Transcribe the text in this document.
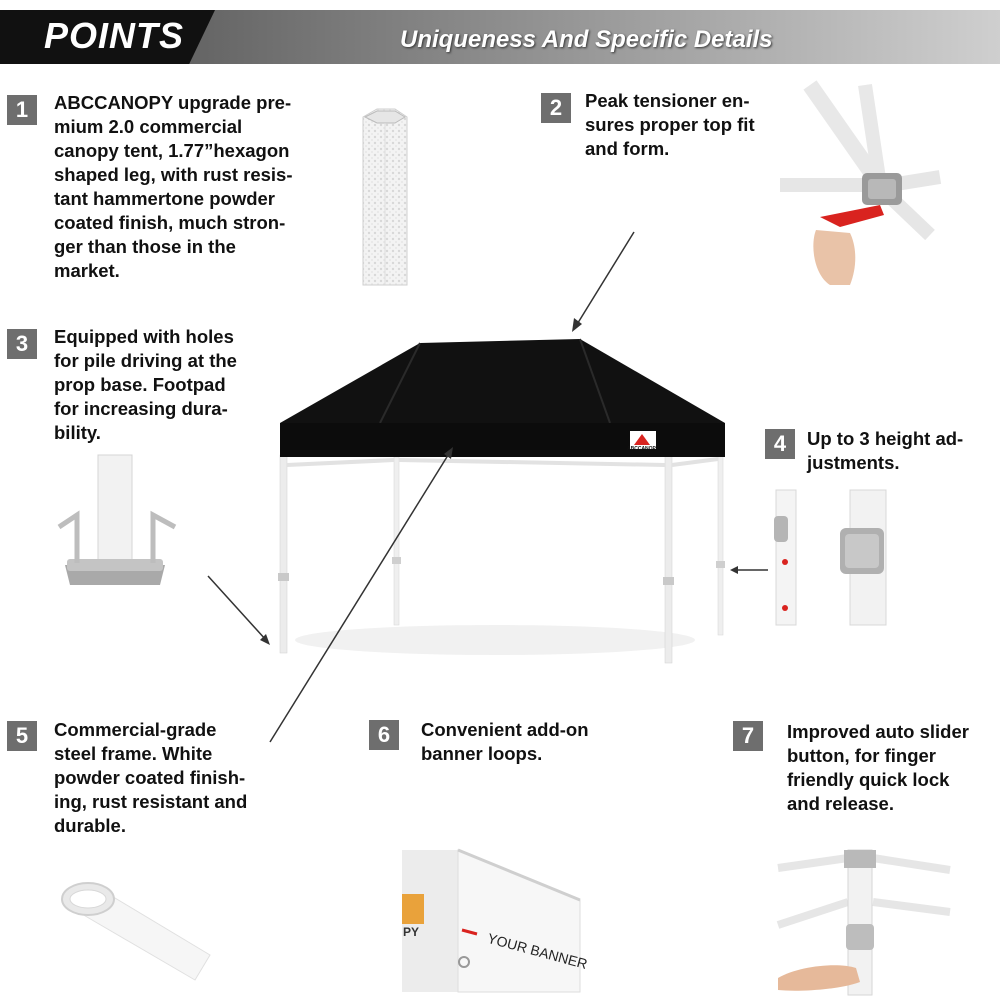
POINTS	Uniqueness And Specific Details
1	ABCCANOPY upgrade pre-
mium 2.0 commercial
canopy tent, 1.77”hexagon
shaped leg, with rust resis-
tant hammertone powder
coated finish, much stron-
ger than those in the
market.
2	Peak tensioner en-
sures proper top fit
and form.
3	Equipped with holes
for pile driving at the
prop base. Footpad
for increasing dura-
bility.	4	Up to 3 height ad-
justments.
ABCCANOPY
5	Commercial-grade
steel frame. White
powder coated finish-
ing, rust resistant and
durable.
6	Convenient add-on
banner loops.
PY	YOUR BANNER
7	Improved auto slider
button, for finger
friendly quick lock
and release.
